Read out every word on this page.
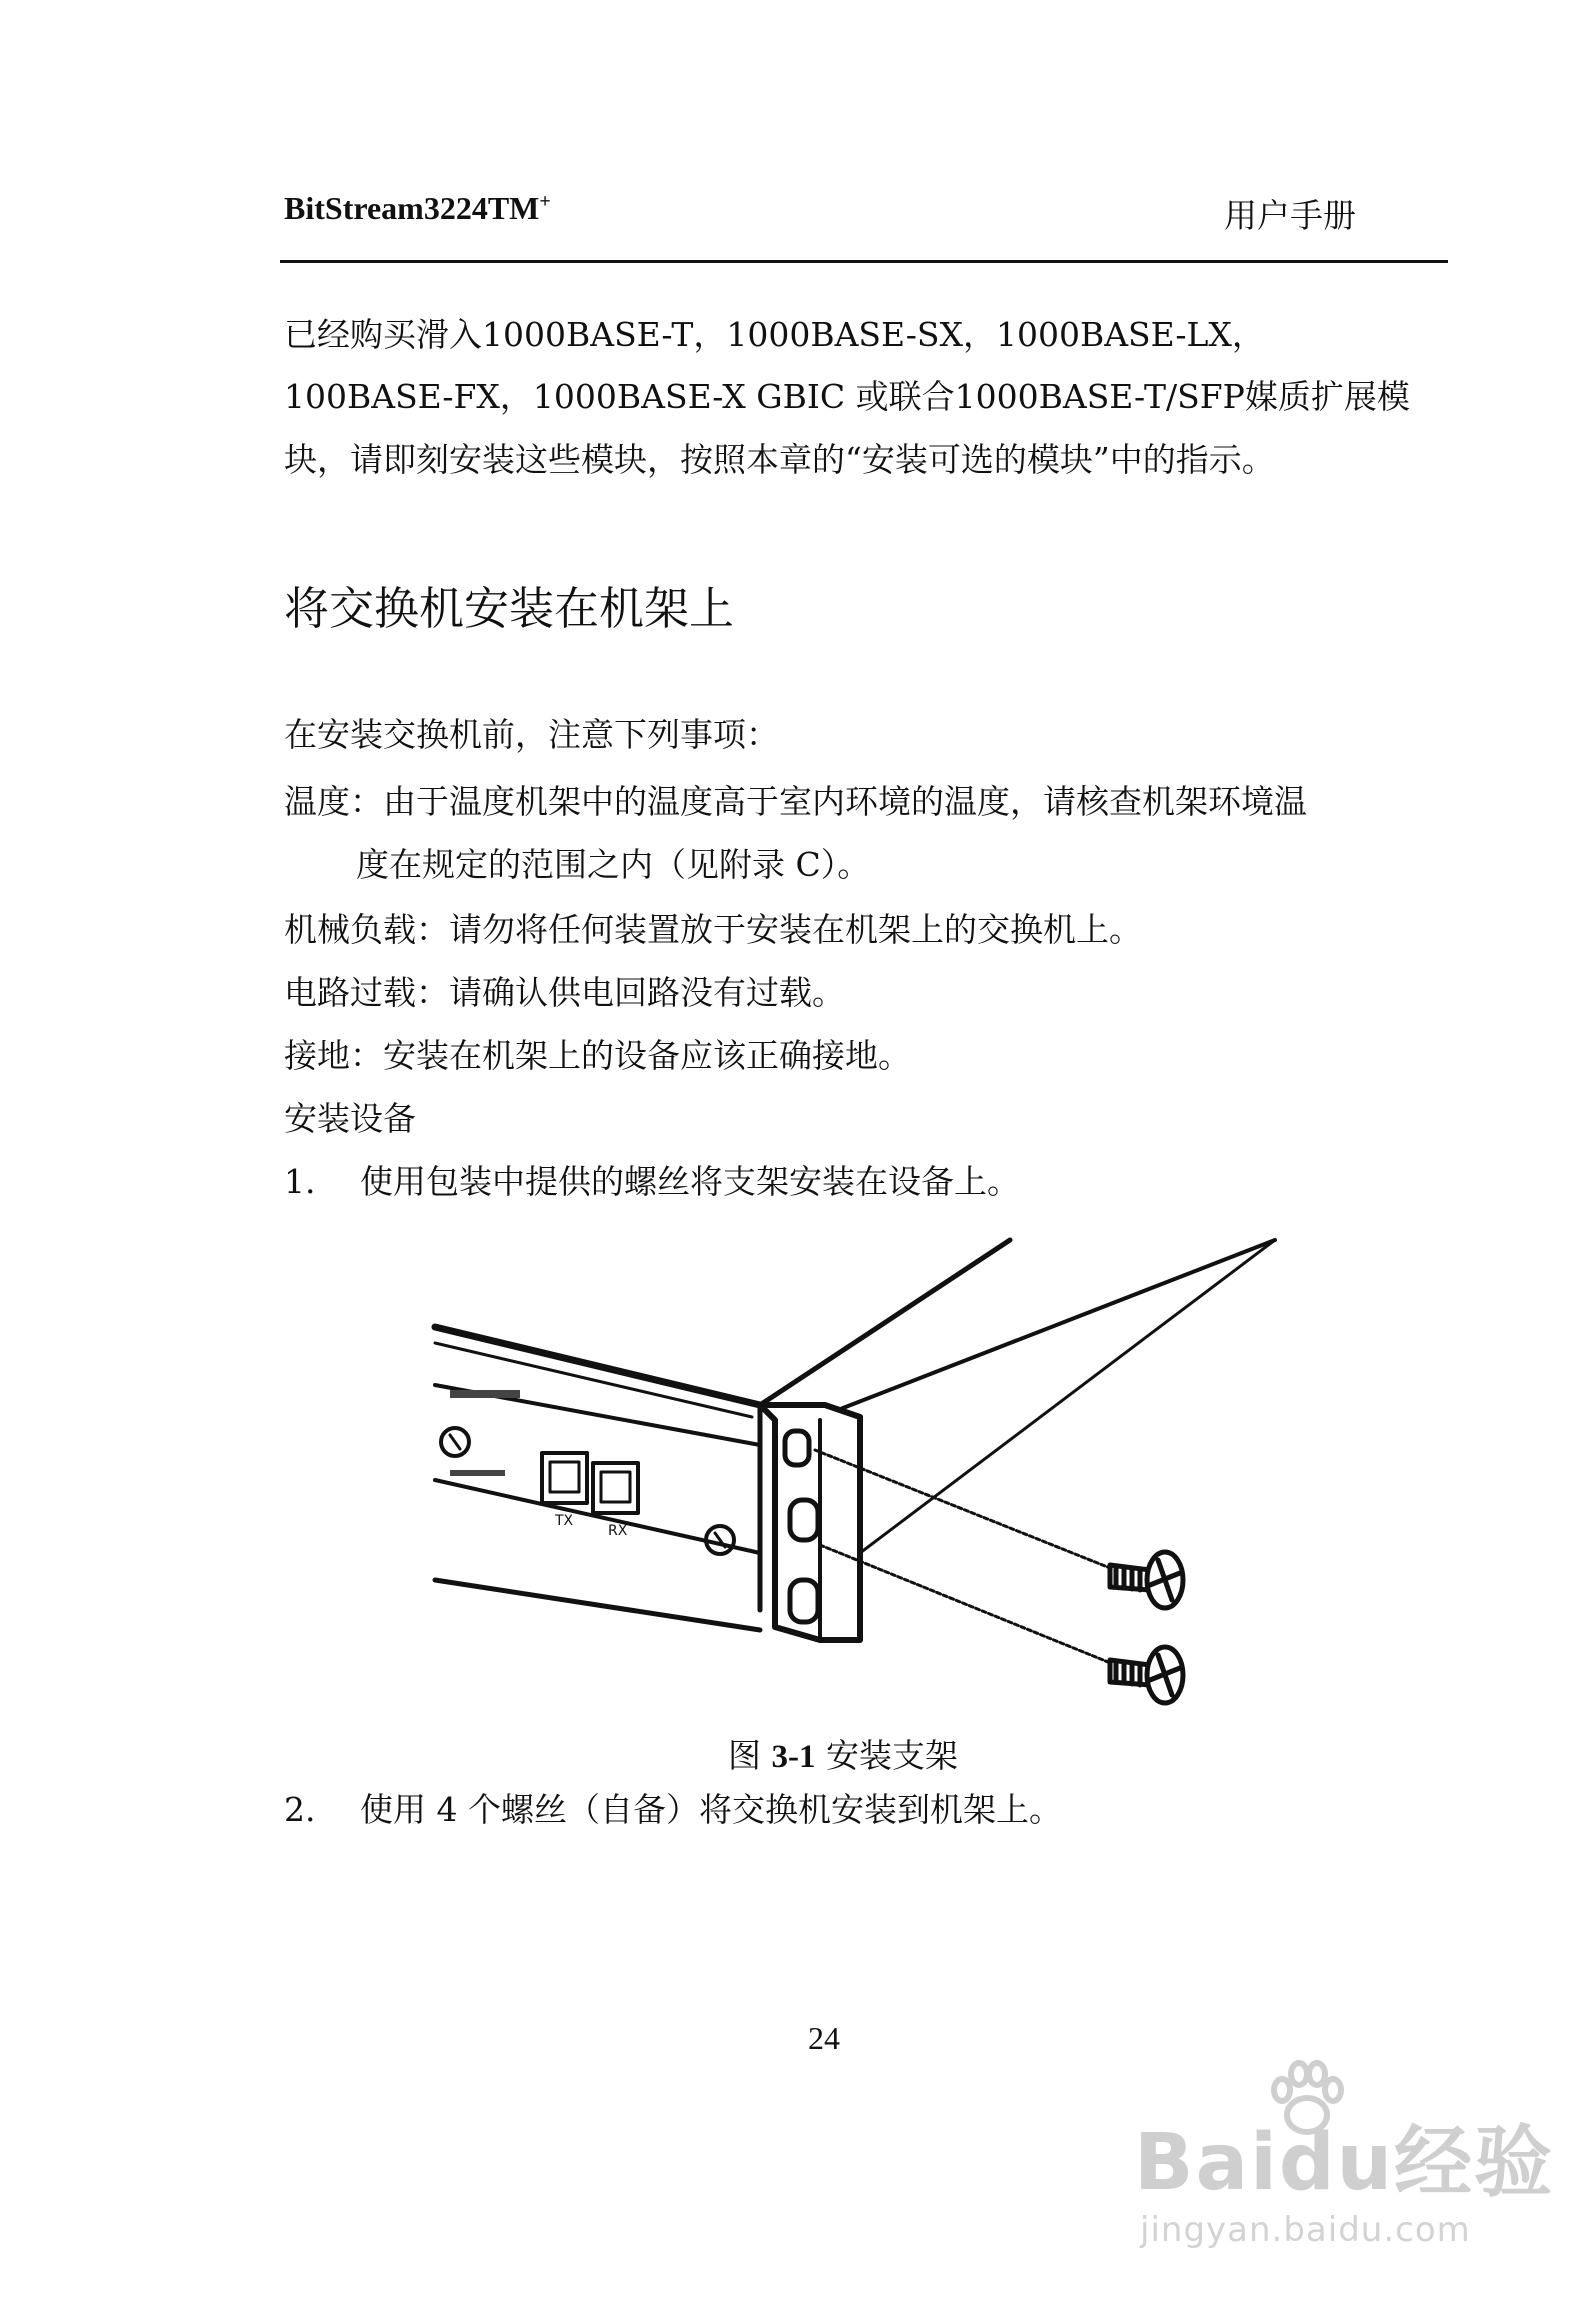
BitStream3224TM+	用户手册
已经购买滑入1000BASE-T，1000BASE-SX，1000BASE-LX，
100BASE-FX，1000BASE-X GBIC 或联合1000BASE-T/SFP媒质扩展模
块，请即刻安装这些模块，按照本章的“安装可选的模块”中的指示。
将交换机安装在机架上
在安装交换机前，注意下列事项：
温度：由于温度机架中的温度高于室内环境的温度，请核查机架环境温
度在规定的范围之内（见附录 C）。
机械负载：请勿将任何装置放于安装在机架上的交换机上。
电路过载：请确认供电回路没有过载。
接地：安装在机架上的设备应该正确接地。
安装设备
1. 使用包装中提供的螺丝将支架安装在设备上。
TX
RX
图 3-1 安装支架
2. 使用 4 个螺丝（自备）将交换机安装到机架上。
24
Baidu经验
jingyan.baidu.com
